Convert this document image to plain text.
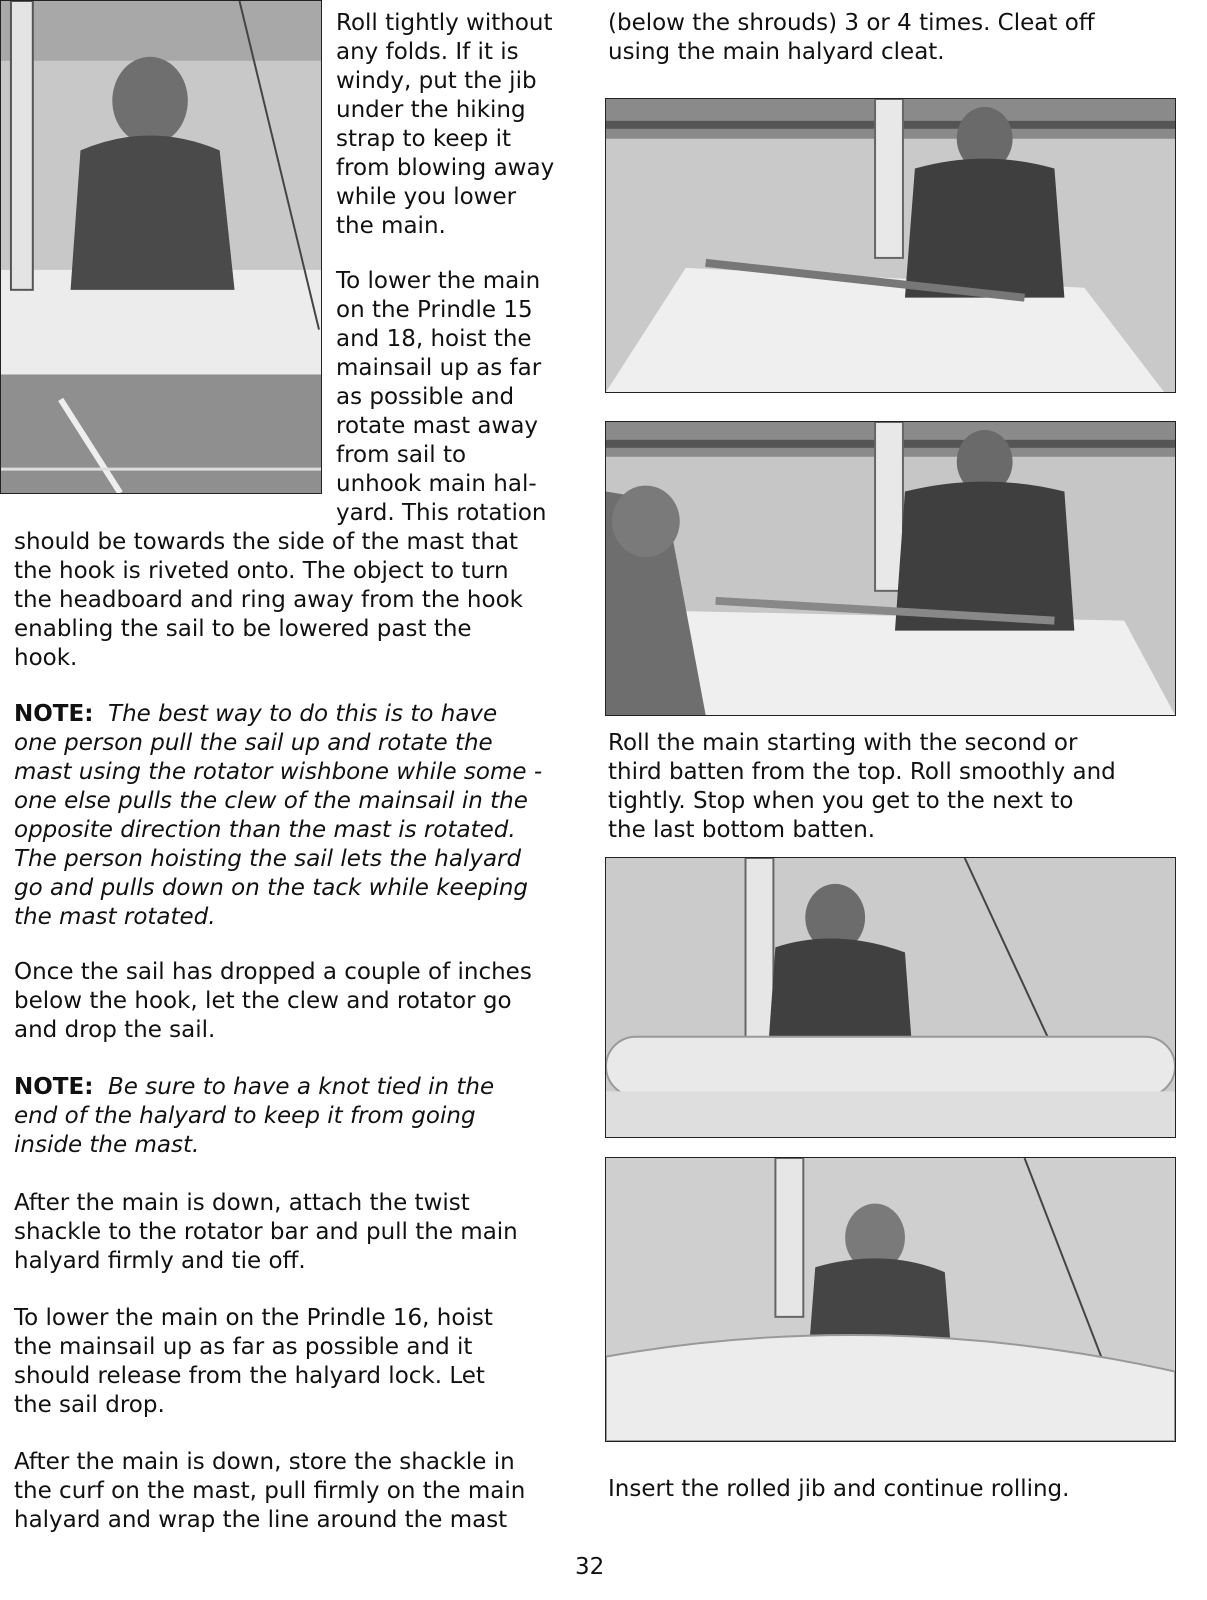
Roll tightly without
any folds. If it is
windy, put the jib
under the hiking
strap to keep it
from blowing away
while you lower
the main.

To lower the main
on the Prindle 15
and 18, hoist the
mainsail up as far
as possible and
rotate mast away
from sail to
unhook main hal-
yard. This rotation

should be towards the side of the mast that
the hook is riveted onto. The object to turn
the headboard and ring away from the hook
enabling the sail to be lowered past the
hook.

NOTE: The best way to do this is to have
one person pull the sail up and rotate the
mast using the rotator wishbone while some -
one else pulls the clew of the mainsail in the
opposite direction than the mast is rotated.
The person hoisting the sail lets the halyard
go and pulls down on the tack while keeping
the mast rotated.

Once the sail has dropped a couple of inches
below the hook, let the clew and rotator go
and drop the sail.

NOTE: Be sure to have a knot tied in the
end of the halyard to keep it from going
inside the mast.

After the main is down, attach the twist
shackle to the rotator bar and pull the main
halyard firmly and tie off.

To lower the main on the Prindle 16, hoist
the mainsail up as far as possible and it
should release from the halyard lock. Let
the sail drop.

After the main is down, store the shackle in
the curf on the mast, pull firmly on the main
halyard and wrap the line around the mast

(below the shrouds) 3 or 4 times. Cleat off
using the main halyard cleat.

Roll the main starting with the second or
third batten from the top. Roll smoothly and
tightly. Stop when you get to the next to
the last bottom batten.

Insert the rolled jib and continue rolling.

32
